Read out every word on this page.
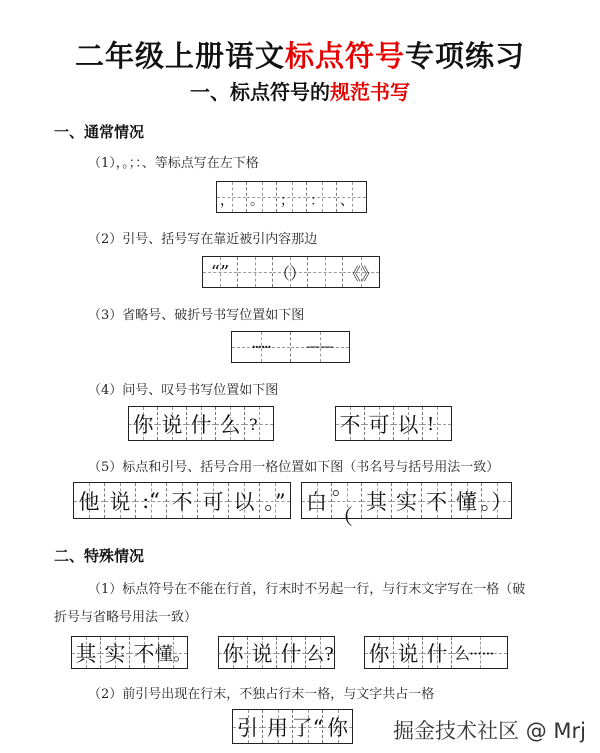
二年级上册语文标点符号专项练习
一、标点符号的规范书写
一、通常情况
（1），。；：、等标点写在左下格
， 。 ； ： 、
（2）引号、括号写在靠近被引内容那边
“”	（） 《》
（3）省略号、破折号书写位置如下图
······	——
（4）问号、叹号书写位置如下图
你 说 什 么 ?	不 可 以 !
（5）标点和引号、括号合用一格位置如下图（书名号与括号用法一致）
他 说 :“ 不 可 以 。” 白
。（
其 实 不 懂 。）
二、特殊情况
（1）标点符号在不能在行首，行末时不另起一行，与行末文字写在一格（破
折号与省略号用法一致）
其 实 不 懂。 你 说 什 么? 你 说 什 么······
（2）前引号出现在行末，不独占行末一格，与文字共占一格
引 用 了“ 你 掘金技术社区 @ Mrj
